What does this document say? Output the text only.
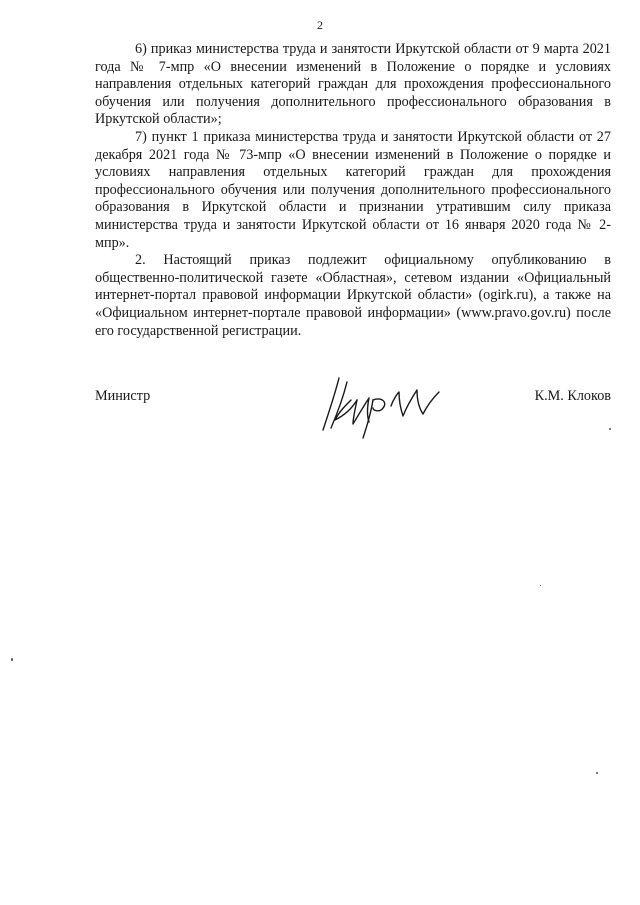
2

6) приказ министерства труда и занятости Иркутской области от 9 марта 2021 года № 7-мпр «О внесении изменений в Положение о порядке и условиях направления отдельных категорий граждан для прохождения профессионального обучения или получения дополнительного профессионального образования в Иркутской области»;

7) пункт 1 приказа министерства труда и занятости Иркутской области от 27 декабря 2021 года № 73-мпр «О внесении изменений в Положение о порядке и условиях направления отдельных категорий граждан для прохождения профессионального обучения или получения дополнительного профессионального образования в Иркутской области и признании утратившим силу приказа министерства труда и занятости Иркутской области от 16 января 2020 года № 2-мпр».

2. Настоящий приказ подлежит официальному опубликованию в общественно-политической газете «Областная», сетевом издании «Официальный интернет-портал правовой информации Иркутской области» (ogirk.ru), а также на «Официальном интернет-портале правовой информации» (www.pravo.gov.ru) после его государственной регистрации.

Министр	К.М. Клоков
